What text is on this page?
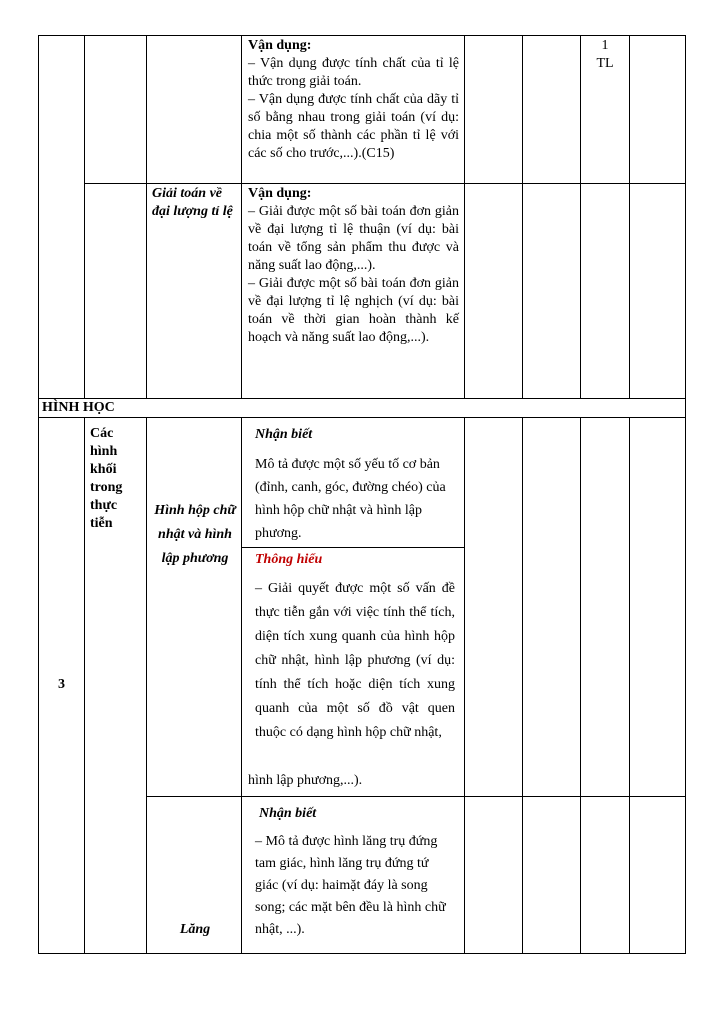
Vận dụng:

– Vận dụng được tính chất của tỉ lệ thức trong giải toán.

– Vận dụng được tính chất của dãy tỉ số bằng nhau trong giải toán (ví dụ: chia một số thành các phần tỉ lệ với các số cho trước,...).(C15)

1

TL

Giải toán về đại lượng tỉ lệ

Vận dụng:

– Giải được một số bài toán đơn giản về đại lượng tỉ lệ thuận (ví dụ: bài toán về tổng sản phẩm thu được và năng suất lao động,...).

– Giải được một số bài toán đơn giản về đại lượng tỉ lệ nghịch (ví dụ: bài toán về thời gian hoàn thành kế hoạch và năng suất lao động,...).

HÌNH HỌC
3
Các hình khối trong thực tiễn
Hình hộp chữ nhật và hình lập phương

Nhận biết

Mô tả được một số yếu tố cơ bản (đỉnh, canh, góc, đường chéo) của hình hộp chữ nhật và hình lập phương.

Thông hiểu

– Giải quyết được một số vấn đề thực tiễn gắn với việc tính thể tích, diện tích xung quanh của hình hộp chữ nhật, hình lập phương (ví dụ: tính thể tích hoặc diện tích xung quanh của một số đồ vật quen thuộc có dạng hình hộp chữ nhật,

hình lập phương,...).
Lăng

Nhận biết

– Mô tả được hình lăng trụ đứng tam giác, hình lăng trụ đứng tứ giác (ví dụ: haimặt đáy là song song; các mặt bên đều là hình chữ nhật, ...).
